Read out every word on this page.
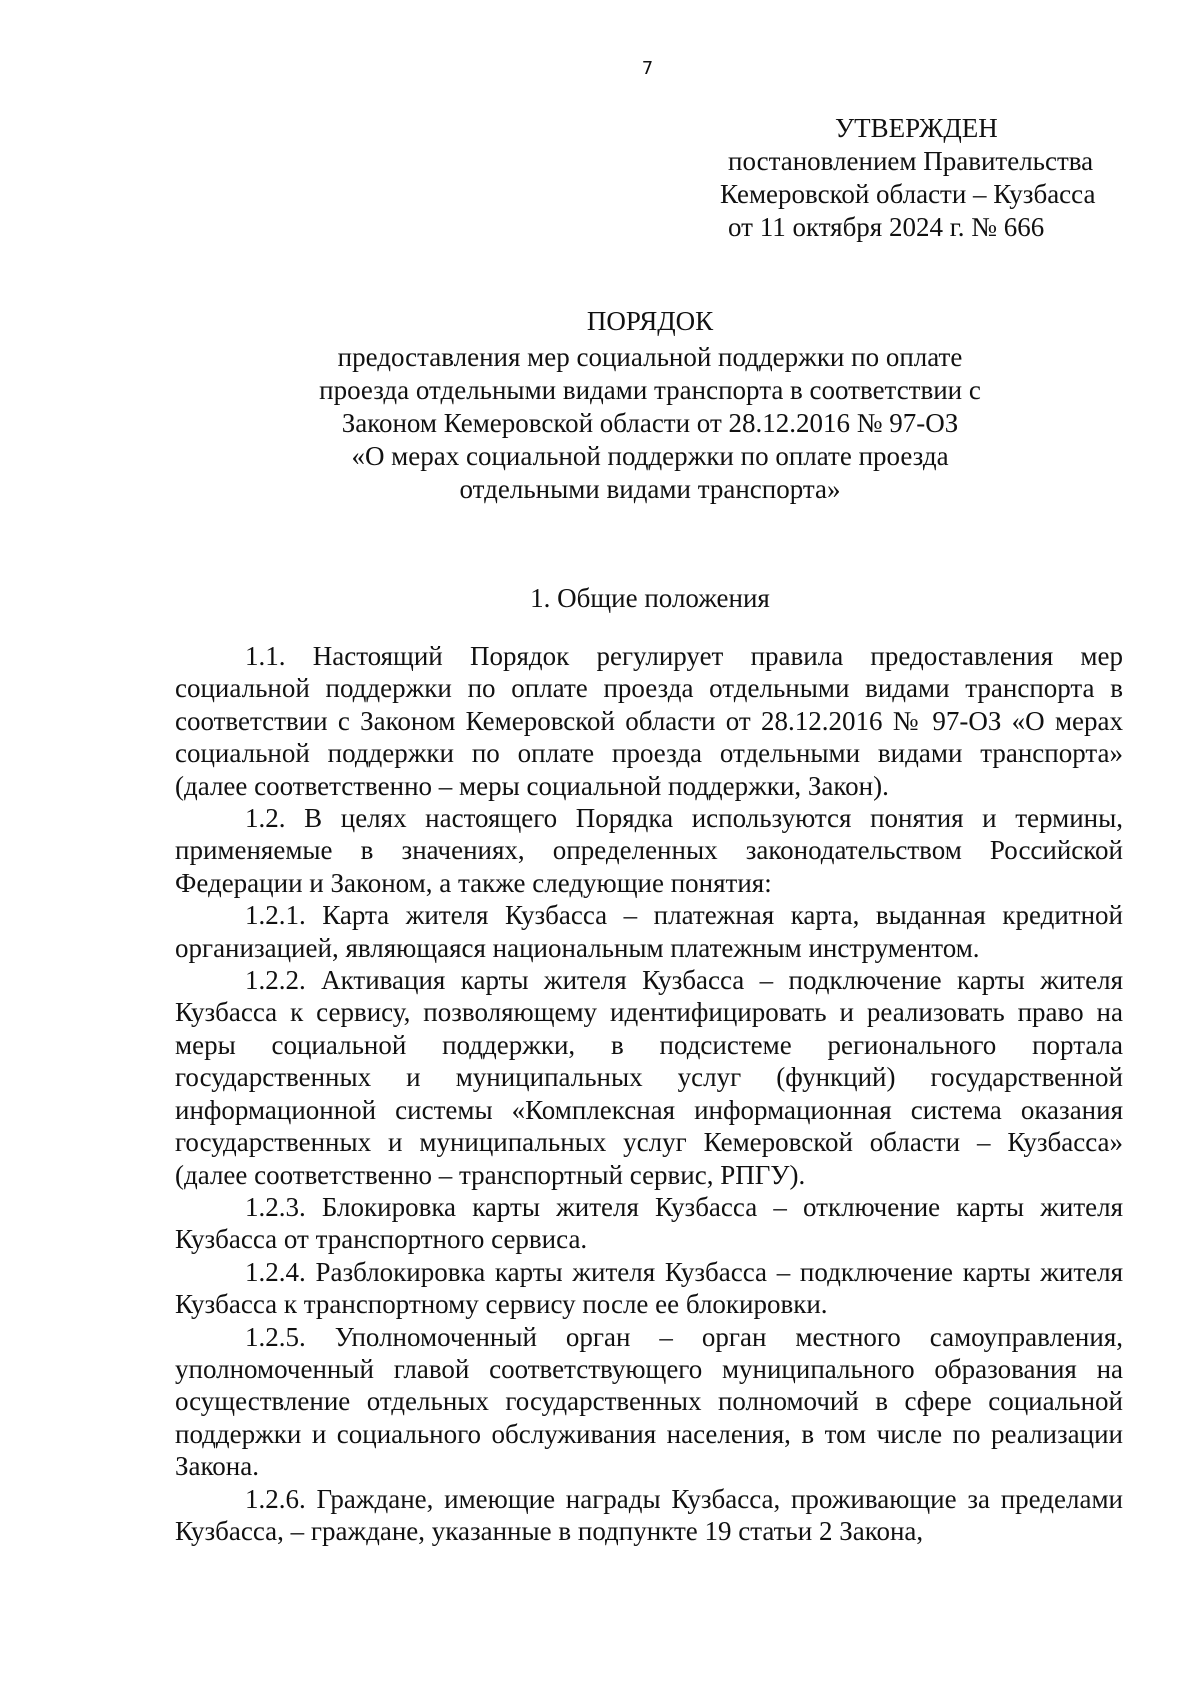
7
УТВЕРЖДЕН
постановлением Правительства
Кемеровской области – Кузбасса
от 11 октября 2024 г. № 666
ПОРЯДОК
предоставления мер социальной поддержки по оплате
проезда отдельными видами транспорта в соответствии с
Законом Кемеровской области от 28.12.2016 № 97-ОЗ
«О мерах социальной поддержки по оплате проезда
отдельными видами транспорта»
1. Общие положения

1.1. Настоящий Порядок регулирует правила предоставления мер социальной поддержки по оплате проезда отдельными видами транспорта в соответствии с Законом Кемеровской области от 28.12.2016 № 97-ОЗ «О мерах социальной поддержки по оплате проезда отдельными видами транспорта» (далее соответственно – меры социальной поддержки, Закон).

1.2. В целях настоящего Порядка используются понятия и термины, применяемые в значениях, определенных законодательством Российской Федерации и Законом, а также следующие понятия:

1.2.1. Карта жителя Кузбасса – платежная карта, выданная кредитной организацией, являющаяся национальным платежным инструментом.

1.2.2. Активация карты жителя Кузбасса – подключение карты жителя Кузбасса к сервису, позволяющему идентифицировать и реализовать право на меры социальной поддержки, в подсистеме регионального портала государственных и муниципальных услуг (функций) государственной информационной системы «Комплексная информационная система оказания государственных и муниципальных услуг Кемеровской области – Кузбасса» (далее соответственно – транспортный сервис, РПГУ).

1.2.3. Блокировка карты жителя Кузбасса – отключение карты жителя Кузбасса от транспортного сервиса.

1.2.4. Разблокировка карты жителя Кузбасса – подключение карты жителя Кузбасса к транспортному сервису после ее блокировки.

1.2.5. Уполномоченный орган – орган местного самоуправления, уполномоченный главой соответствующего муниципального образования на осуществление отдельных государственных полномочий в сфере социальной поддержки и социального обслуживания населения, в том числе по реализации Закона.

1.2.6. Граждане, имеющие награды Кузбасса, проживающие за пределами Кузбасса, – граждане, указанные в подпункте 19 статьи 2 Закона,
